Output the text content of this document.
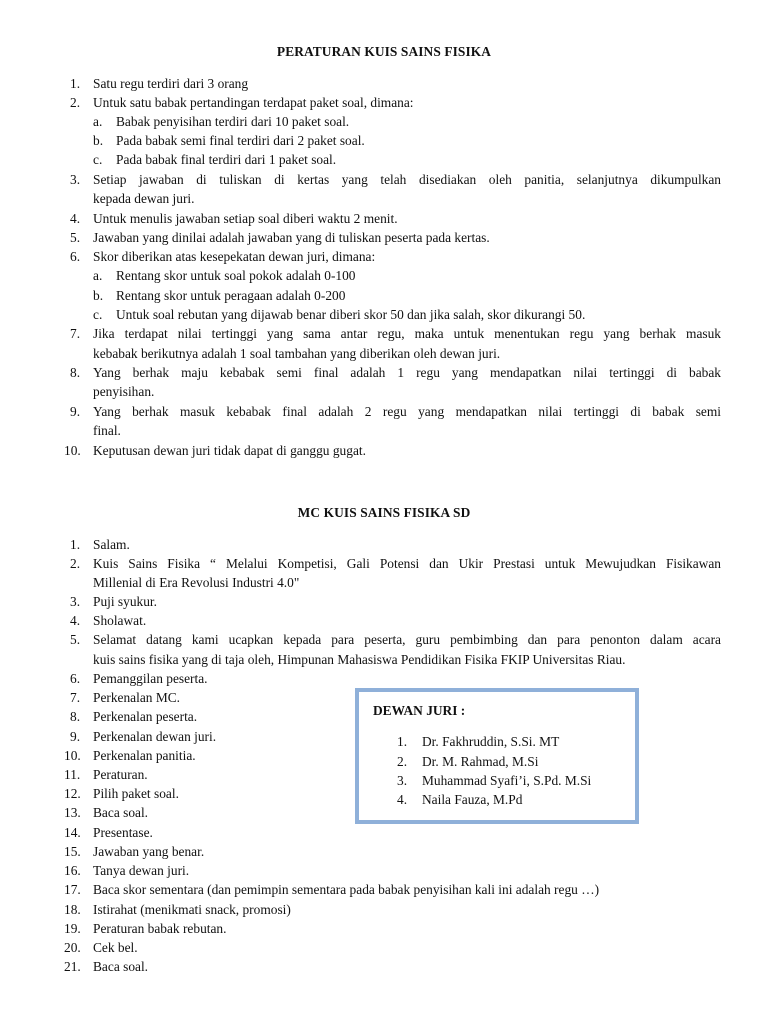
PERATURAN KUIS SAINS FISIKA
1. Satu regu terdiri dari 3 orang
2. Untuk satu babak pertandingan terdapat paket soal, dimana:
a. Babak penyisihan terdiri dari 10 paket soal.
b. Pada babak semi final terdiri dari 2 paket soal.
c. Pada babak final terdiri dari 1 paket soal.
3. Setiap jawaban di tuliskan di kertas yang telah disediakan oleh panitia, selanjutnya dikumpulkan
kepada dewan juri.
4. Untuk menulis jawaban setiap soal diberi waktu 2 menit.
5. Jawaban yang dinilai adalah jawaban yang di tuliskan peserta pada kertas.
6. Skor diberikan atas kesepekatan dewan juri, dimana:
a. Rentang skor untuk soal pokok adalah 0-100
b. Rentang skor untuk peragaan adalah 0-200
c. Untuk soal rebutan yang dijawab benar diberi skor 50 dan jika salah, skor dikurangi 50.
7. Jika terdapat nilai tertinggi yang sama antar regu, maka untuk menentukan regu yang berhak masuk
kebabak berikutnya adalah 1 soal tambahan yang diberikan oleh dewan juri.
8. Yang berhak maju kebabak semi final adalah 1 regu yang mendapatkan nilai tertinggi di babak
penyisihan.
9. Yang berhak masuk kebabak final adalah 2 regu yang mendapatkan nilai tertinggi di babak semi
final.
10. Keputusan dewan juri tidak dapat di ganggu gugat.
MC KUIS SAINS FISIKA SD
1. Salam.
2. Kuis Sains Fisika “ Melalui Kompetisi, Gali Potensi dan Ukir Prestasi untuk Mewujudkan Fisikawan
Millenial di Era Revolusi Industri 4.0"
3. Puji syukur.
4. Sholawat.
5. Selamat datang kami ucapkan kepada para peserta, guru pembimbing dan para penonton dalam acara
kuis sains fisika yang di taja oleh, Himpunan Mahasiswa Pendidikan Fisika FKIP Universitas Riau.
6. Pemanggilan peserta.
7. Perkenalan MC.
8. Perkenalan peserta.
9. Perkenalan dewan juri.
10. Perkenalan panitia.
11. Peraturan.
12. Pilih paket soal.
13. Baca soal.
14. Presentase.
15. Jawaban yang benar.
16. Tanya dewan juri.
17. Baca skor sementara (dan pemimpin sementara pada babak penyisihan kali ini adalah regu …)
18. Istirahat (menikmati snack, promosi)
19. Peraturan babak rebutan.
20. Cek bel.
21. Baca soal.
DEWAN JURI :
1. Dr. Fakhruddin, S.Si. MT
2. Dr. M. Rahmad, M.Si
3. Muhammad Syafi’i, S.Pd. M.Si
4. Naila Fauza, M.Pd
